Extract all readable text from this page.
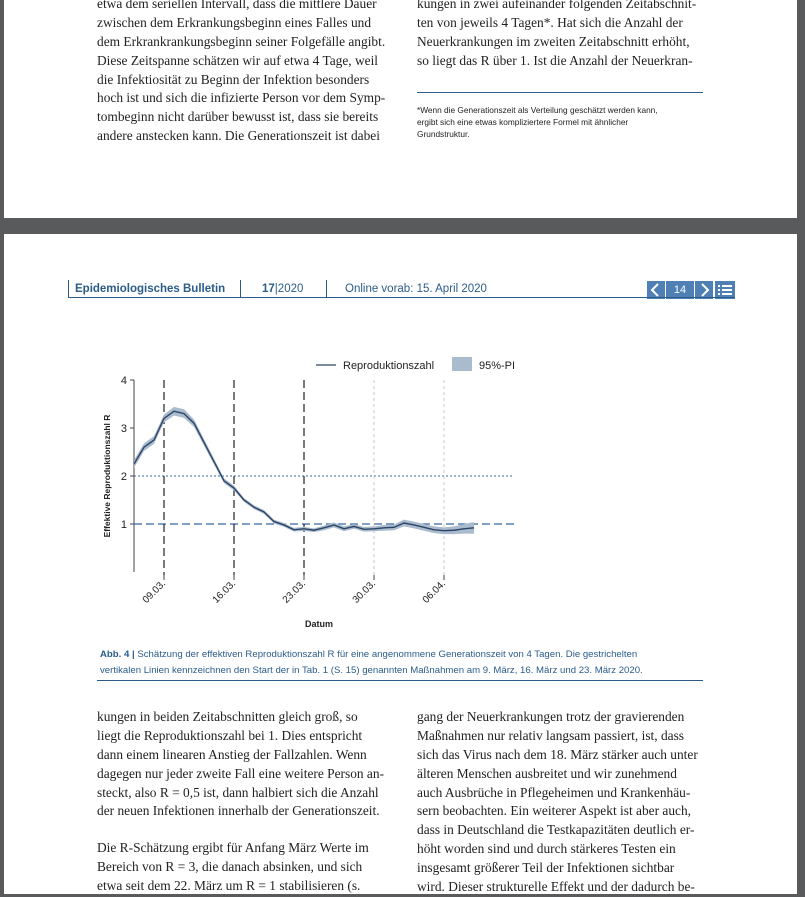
etwa dem seriellen Intervall, dass die mittlere Dauer
zwischen dem Erkrankungsbeginn eines Falles und
dem Erkrankrankungsbeginn seiner Folgefälle angibt.
Diese Zeitspanne schätzen wir auf etwa 4 Tage, weil
die Infektiosität zu Beginn der Infektion besonders
hoch ist und sich die infizierte Person vor dem Symp-
tombeginn nicht darüber bewusst ist, dass sie bereits
andere anstecken kann. Die Generationszeit ist dabei
kungen in zwei aufeinander folgenden Zeitabschnit-
ten von jeweils 4 Tagen*. Hat sich die Anzahl der
Neuerkrankungen im zweiten Zeitabschnitt erhöht,
so liegt das R über 1. Ist die Anzahl der Neuerkran-
*Wenn die Generationszeit als Verteilung geschätzt werden kann,
ergibt sich eine etwas kompliziertere Formel mit ähnlicher
Grundstruktur.
Epidemiologisches Bulletin	17|2020	Online vorab: 15. April 2020	14
Reproduktionszahl	95%-PI
1
2
3
4
Effektive Reproduktionszahl R
09.03.	16.03.	23.03.	30.03.	06.04.
Datum
Abb. 4 | Schätzung der effektiven Reproduktionszahl R für eine angenommene Generationszeit von 4 Tagen. Die gestrichelten
vertikalen Linien kennzeichnen den Start der in Tab. 1 (S. 15) genannten Maßnahmen am 9. März, 16. März und 23. März 2020.
kungen in beiden Zeitabschnitten gleich groß, so
liegt die Reproduktionszahl bei 1. Dies entspricht
dann einem linearen Anstieg der Fallzahlen. Wenn
dagegen nur jeder zweite Fall eine weitere Person an-
steckt, also R = 0,5 ist, dann halbiert sich die Anzahl
der neuen Infektionen innerhalb der Generationszeit.
Die R-Schätzung ergibt für Anfang März Werte im
Bereich von R = 3, die danach absinken, und sich
etwa seit dem 22. März um R = 1 stabilisieren (s.
gang der Neuerkrankungen trotz der gravierenden
Maßnahmen nur relativ langsam passiert, ist, dass
sich das Virus nach dem 18. März stärker auch unter
älteren Menschen ausbreitet und wir zunehmend
auch Ausbrüche in Pflegeheimen und Krankenhäu-
sern beobachten. Ein weiterer Aspekt ist aber auch,
dass in Deutschland die Testkapazitäten deutlich er-
höht worden sind und durch stärkeres Testen ein
insgesamt größerer Teil der Infektionen sichtbar
wird. Dieser strukturelle Effekt und der dadurch be-
